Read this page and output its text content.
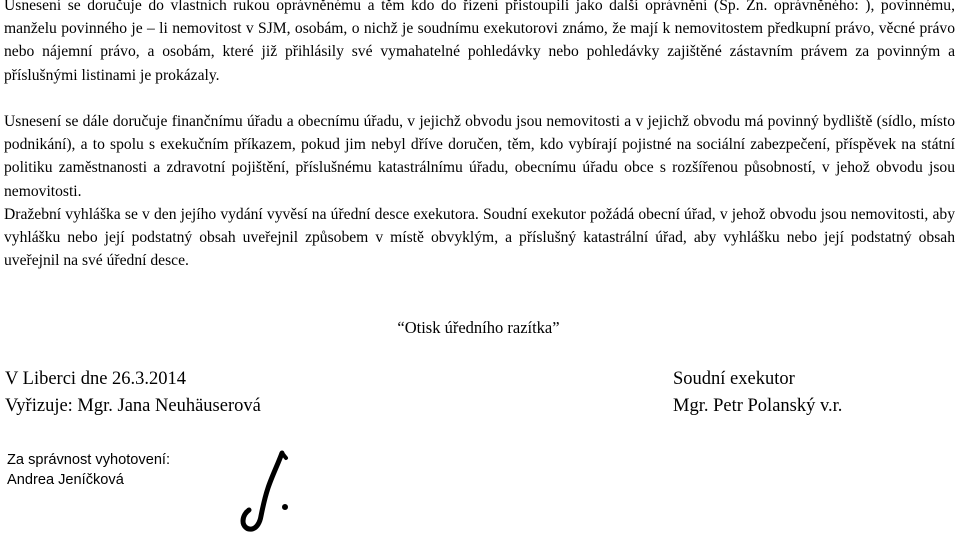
Usnesení se doručuje do vlastních rukou oprávněnému a těm kdo do řízení přistoupili jako další oprávnění (Sp. Zn. oprávněného: ), povinnému, manželu povinného je – li nemovitost v SJM, osobám, o nichž je soudnímu exekutorovi známo, že mají k nemovitostem předkupní právo, věcné právo nebo nájemní právo, a osobám, které již přihlásily své vymahatelné pohledávky nebo pohledávky zajištěné zástavním právem za povinným a příslušnými listinami je prokázaly.

Usnesení se dále doručuje finančnímu úřadu a obecnímu úřadu, v jejichž obvodu jsou nemovitosti a v jejichž obvodu má povinný bydliště (sídlo, místo podnikání), a to spolu s exekučním příkazem, pokud jim nebyl dříve doručen, těm, kdo vybírají pojistné na sociální zabezpečení, příspěvek na státní politiku zaměstnanosti a zdravotní pojištění, příslušnému katastrálnímu úřadu, obecnímu úřadu obce s rozšířenou působností, v jehož obvodu jsou nemovitosti.

Dražební vyhláška se v den jejího vydání vyvěsí na úřední desce exekutora. Soudní exekutor požádá obecní úřad, v jehož obvodu jsou nemovitosti, aby vyhlášku nebo její podstatný obsah uveřejnil způsobem v místě obvyklým, a příslušný katastrální úřad, aby vyhlášku nebo její podstatný obsah uveřejnil na své úřední desce.

“Otisk úředního razítka”
V Liberci dne 26.3.2014
Vyřizuje: Mgr. Jana Neuhäuserová
Soudní exekutor
Mgr. Petr Polanský v.r.
Za správnost vyhotovení:
Andrea Jeníčková
